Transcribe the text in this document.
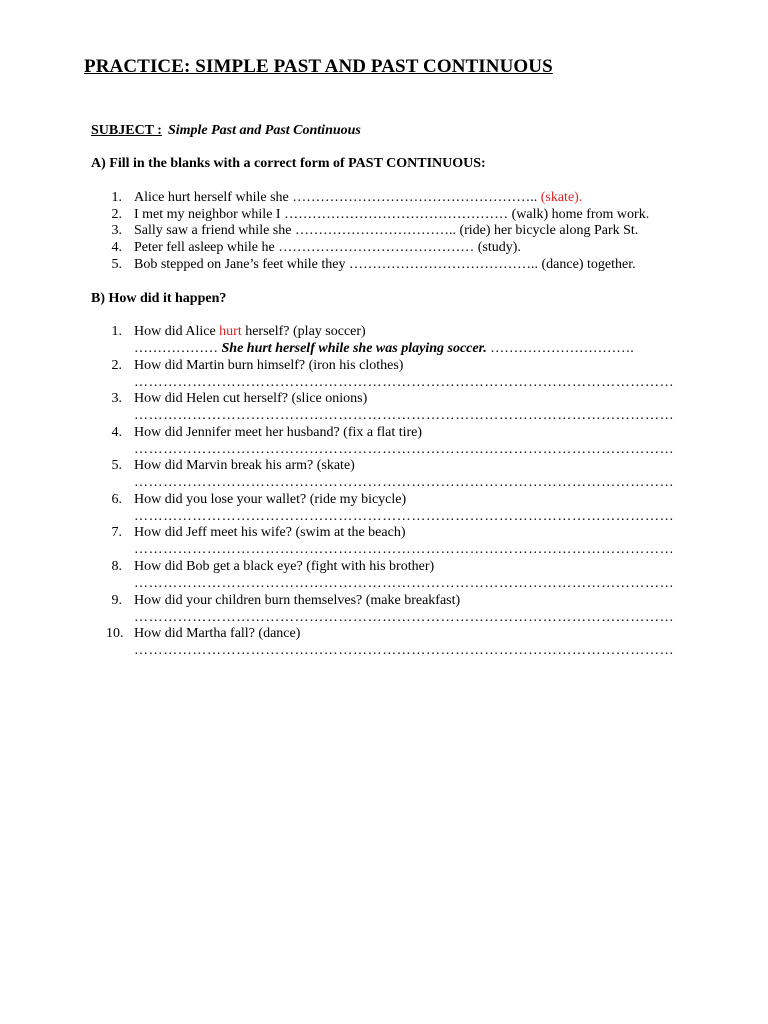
PRACTICE: SIMPLE PAST AND PAST CONTINUOUS
SUBJECT : Simple Past and Past Continuous
A) Fill in the blanks with a correct form of PAST CONTINUOUS:
1. Alice hurt herself while she …………………………………………….. (skate).
2. I met my neighbor while I ………………………………………… (walk) home from work.
3. Sally saw a friend while she …………………………….. (ride) her bicycle along Park St.
4. Peter fell asleep while he …………………………………… (study).
5. Bob stepped on Jane’s feet while they ………………………………….. (dance) together.
B) How did it happen?
1. How did Alice hurt herself? (play soccer)
……………… She hurt herself while she was playing soccer. ………………………….
2. How did Martin burn himself? (iron his clothes)
…………………………………………………………………………………………………
3. How did Helen cut herself? (slice onions)
…………………………………………………………………………………………………
4. How did Jennifer meet her husband? (fix a flat tire)
…………………………………………………………………………………………………
5. How did Marvin break his arm? (skate)
…………………………………………………………………………………………………
6. How did you lose your wallet? (ride my bicycle)
…………………………………………………………………………………………………
7. How did Jeff meet his wife? (swim at the beach)
…………………………………………………………………………………………………
8. How did Bob get a black eye? (fight with his brother)
…………………………………………………………………………………………………
9. How did your children burn themselves? (make breakfast)
…………………………………………………………………………………………………
10. How did Martha fall? (dance)
…………………………………………………………………………………………………
